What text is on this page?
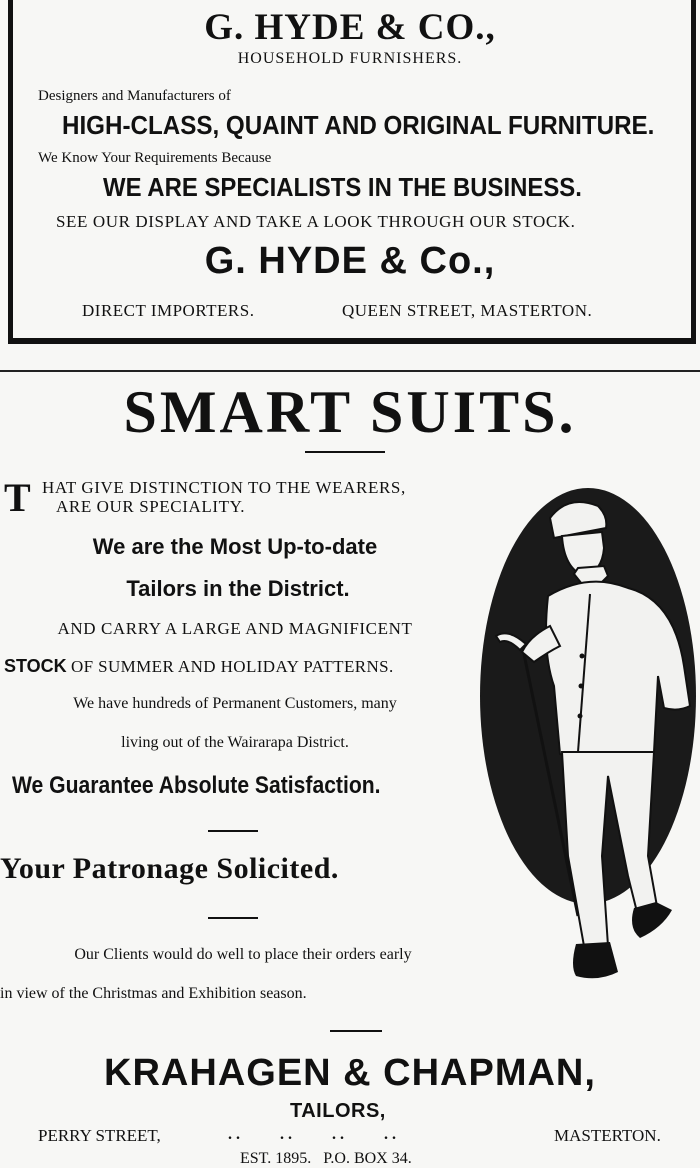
G. HYDE & CO.,
HOUSEHOLD FURNISHERS.
Designers and Manufacturers of
HIGH-CLASS, QUAINT AND ORIGINAL FURNITURE.
We Know Your Requirements Because
WE ARE SPECIALISTS IN THE BUSINESS.
SEE OUR DISPLAY AND TAKE A LOOK THROUGH OUR STOCK.
G. HYDE & Co.,
DIRECT IMPORTERS.	QUEEN STREET, MASTERTON.
SMART SUITS.
T HAT GIVE DISTINCTION TO THE WEARERS,
ARE OUR SPECIALITY.
We are the Most Up-to-date
Tailors in the District.
AND CARRY A LARGE AND MAGNIFICENT
STOCK OF SUMMER AND HOLIDAY PATTERNS.
We have hundreds of Permanent Customers, many
living out of the Wairarapa District.
We Guarantee Absolute Satisfaction.
Your Patronage Solicited.
Our Clients would do well to place their orders early
in view of the Christmas and Exhibition season.
KRAHAGEN & CHAPMAN,
TAILORS,
PERRY STREET,	. .          . .          . .          . .	MASTERTON.
EST. 1895.   P.O. BOX 34.
